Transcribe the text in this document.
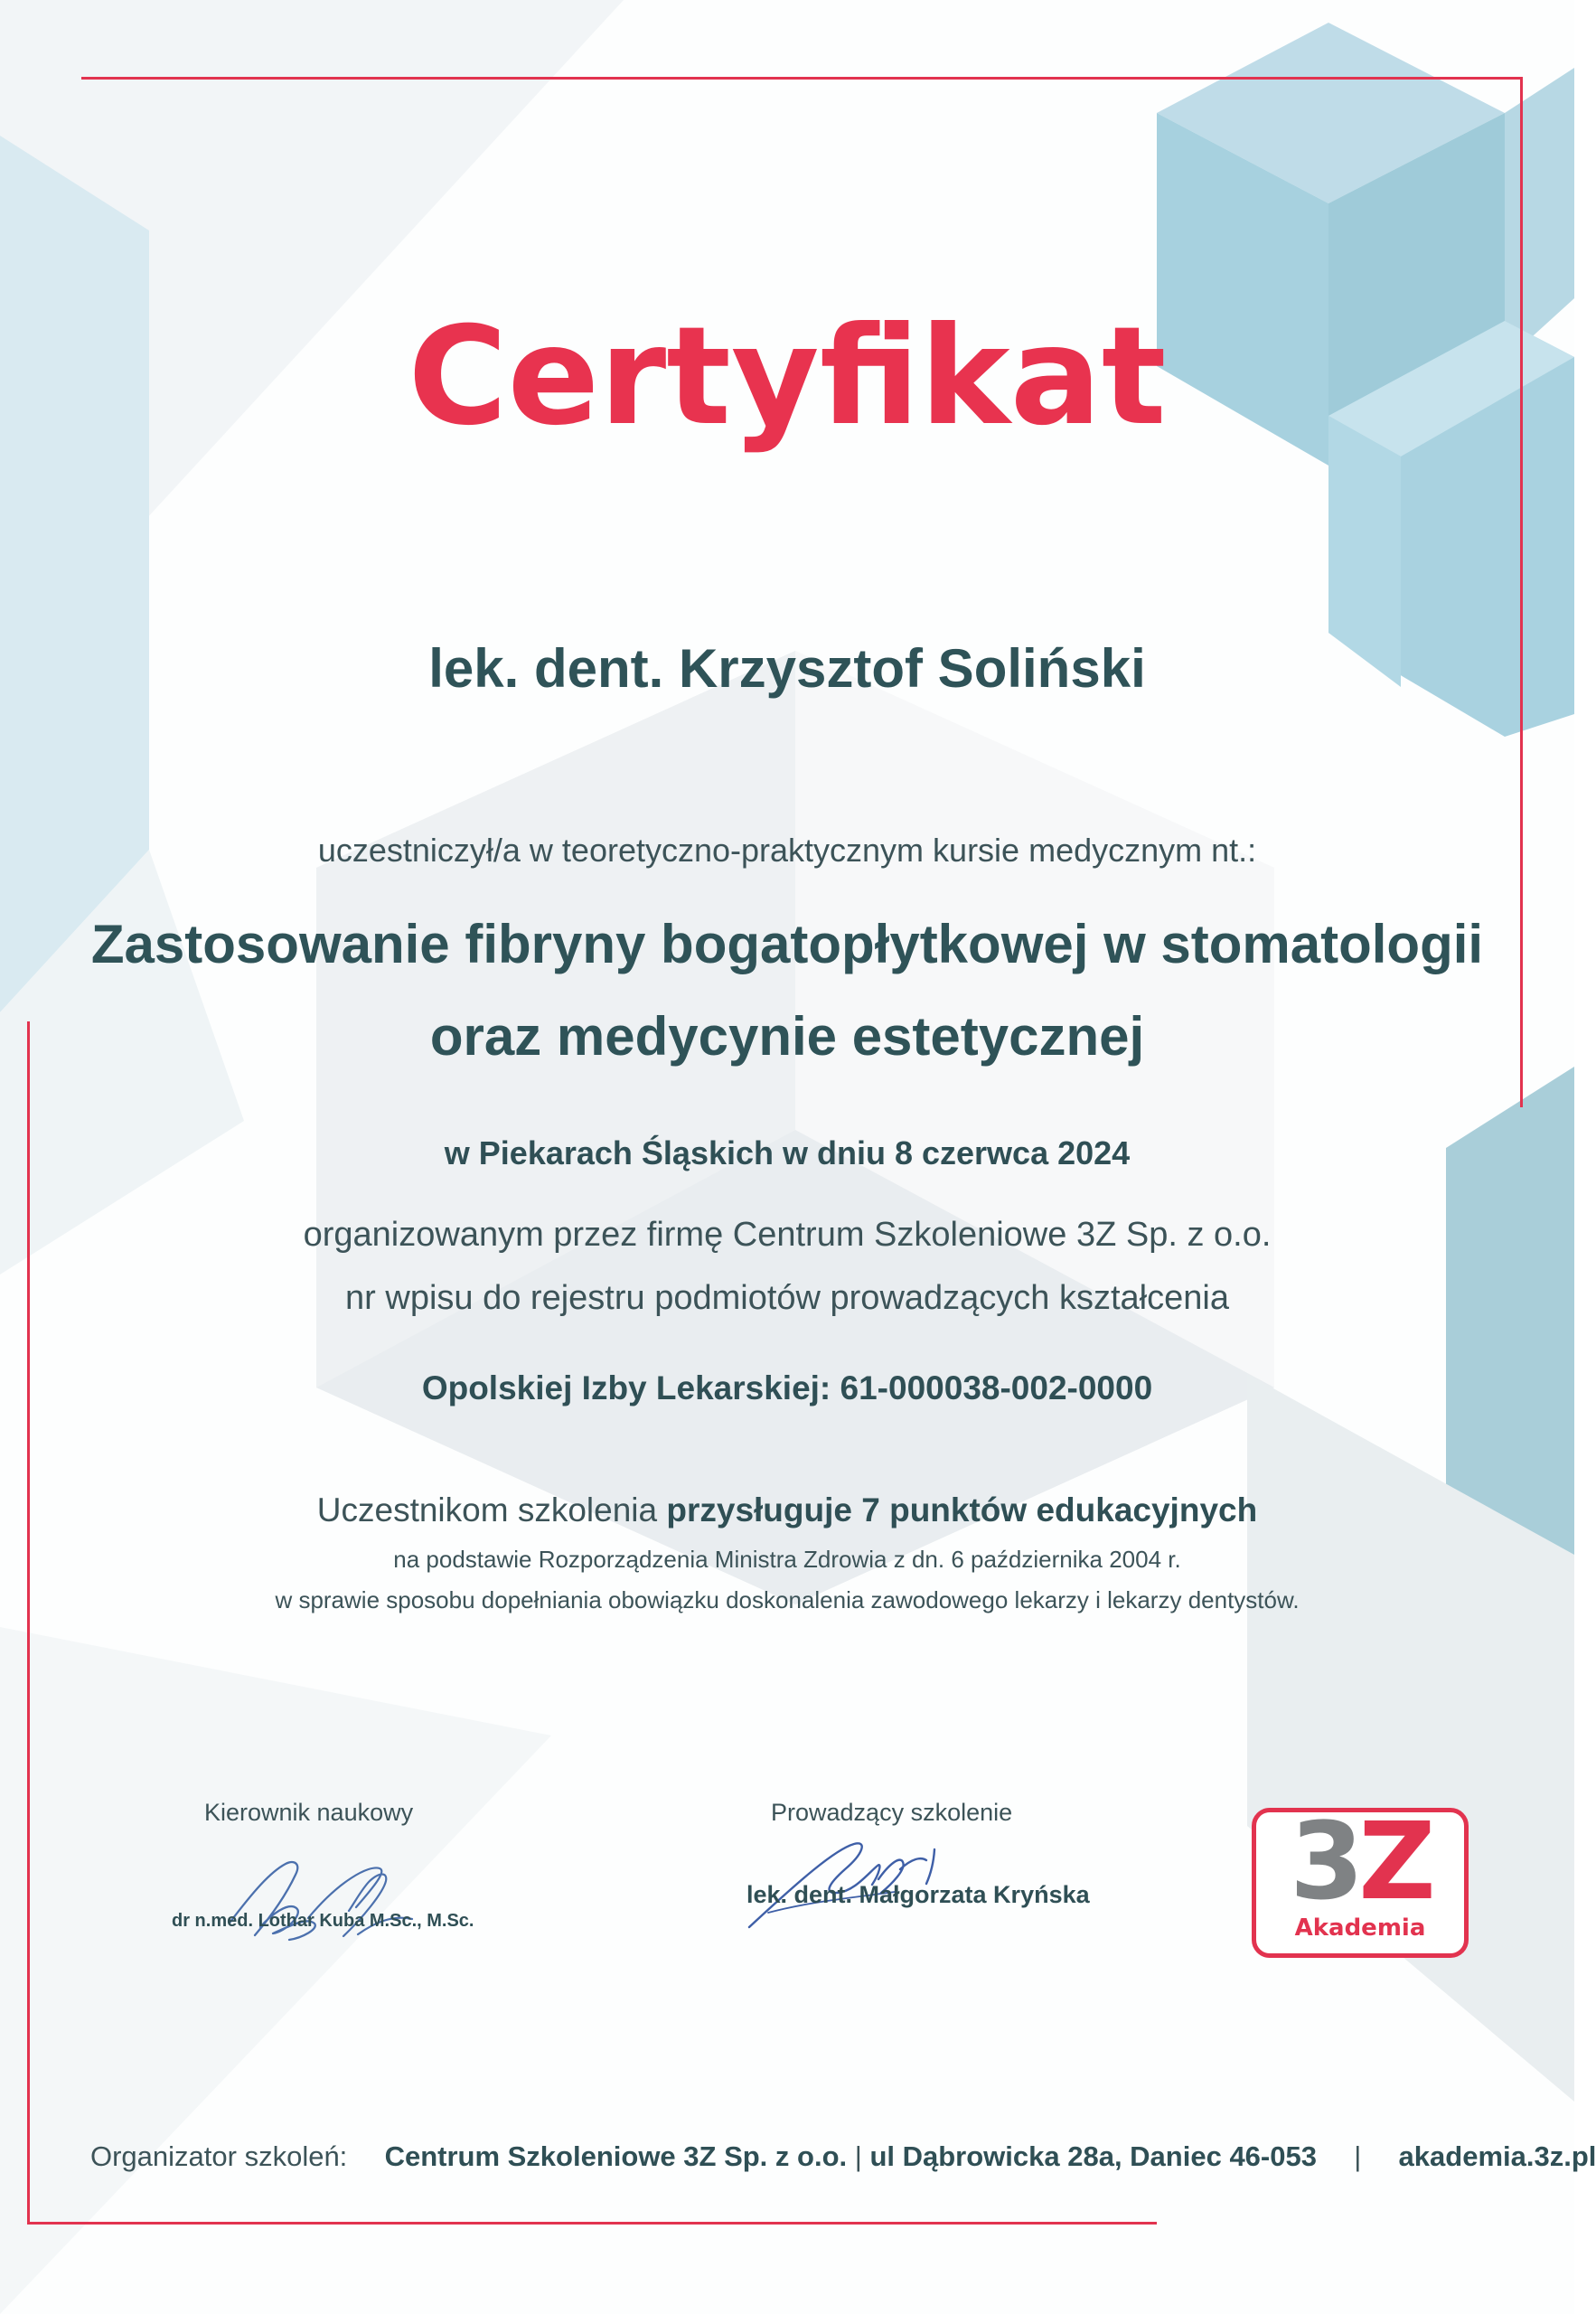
Certyfikat
lek. dent. Krzysztof Soliński
uczestniczył/a w teoretyczno-praktycznym kursie medycznym nt.:
Zastosowanie fibryny bogatopłytkowej w stomatologii
oraz medycynie estetycznej
w Piekarach Śląskich w dniu 8 czerwca 2024
organizowanym przez firmę Centrum Szkoleniowe 3Z Sp. z o.o.
nr wpisu do rejestru podmiotów prowadzących kształcenia
Opolskiej Izby Lekarskiej: 61-000038-002-0000
Uczestnikom szkolenia przysługuje 7 punktów edukacyjnych
na podstawie Rozporządzenia Ministra Zdrowia z dn. 6 października 2004 r.
w sprawie sposobu dopełniania obowiązku doskonalenia zawodowego lekarzy i lekarzy dentystów.
Kierownik naukowy
dr n.med. Lothar Kuba M.Sc., M.Sc.
Prowadzący szkolenie
lek. dent. Małgorzata Kryńska	3Z
Akademia
Organizator szkoleń: Centrum Szkoleniowe 3Z Sp. z o.o. | ul Dąbrowicka 28a, Daniec 46-053 | akademia.3z.pl
